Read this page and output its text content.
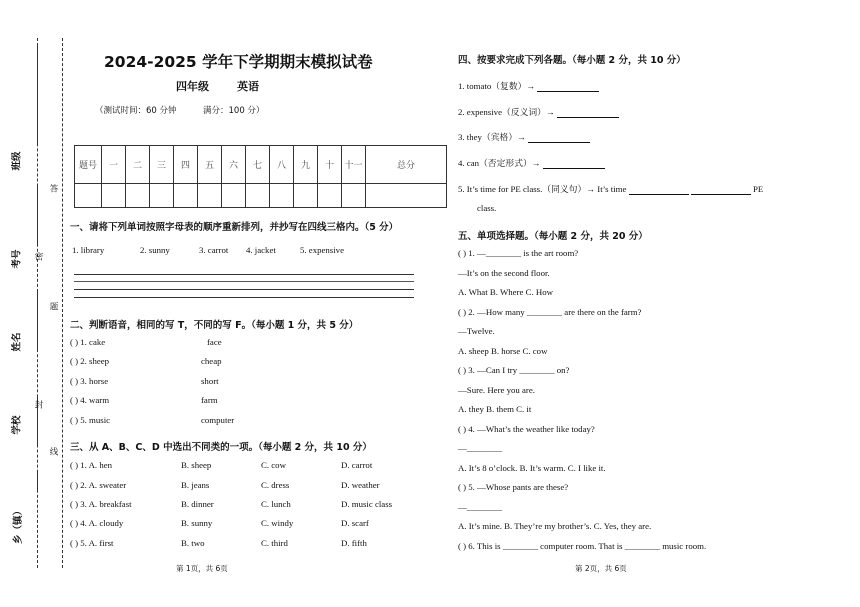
班级
考号
姓名
学校
乡（镇）
答
密
题
封
线
2024-2025 学年下学期期末模拟试卷
四年级	英语
（测试时间：60 分钟	满分：100 分）
题号	一	二	三	四	五	六	七	八	九	十	十一	总分

一、请将下列单词按照字母表的顺序重新排列，并抄写在四线三格内。（5 分）
1. library	2. sunny	3. carrot 4. jacket	5. expensive
二、判断语音，相同的写 T，不同的写 F。（每小题 1 分，共 5 分）
( ) 1. cake	face
( ) 2. sheep	cheap
( ) 3. horse	short
( ) 4. warm	farm
( ) 5. music	computer
三、从 A、B、C、D 中选出不同类的一项。（每小题 2 分，共 10 分）
( ) 1. A. hen	B. sheep	C. cow	D. carrot
( ) 2. A. sweater	B. jeans	C. dress	D. weather
( ) 3. A. breakfast	B. dinner	C. lunch	D. music class
( ) 4. A. cloudy	B. sunny	C. windy	D. scarf
( ) 5. A. first	B. two	C. third	D. fifth
第 1页，共 6页
四、按要求完成下列各题。（每小题 2 分，共 10 分）
1. tomato（复数）→
2. expensive（反义词）→
3. they（宾格）→
4. can（否定形式）→
5. It’s time for PE class.（同义句）→ It’s time	PE
class.
五、单项选择题。（每小题 2 分，共 20 分）
( ) 1. —________ is the art room?
—It’s on the second floor.
A. What B. Where C. How
( ) 2. —How many ________ are there on the farm?
—Twelve.
A. sheep B. horse C. cow
( ) 3. —Can I try ________ on?
—Sure. Here you are.
A. they B. them C. it
( ) 4. —What’s the weather like today?
—________
A. It’s 8 o’clock. B. It’s warm. C. I like it.
( ) 5. —Whose pants are these?
—________
A. It’s mine. B. They’re my brother’s. C. Yes, they are.
( ) 6. This is ________ computer room. That is ________ music room.
第 2页，共 6页
